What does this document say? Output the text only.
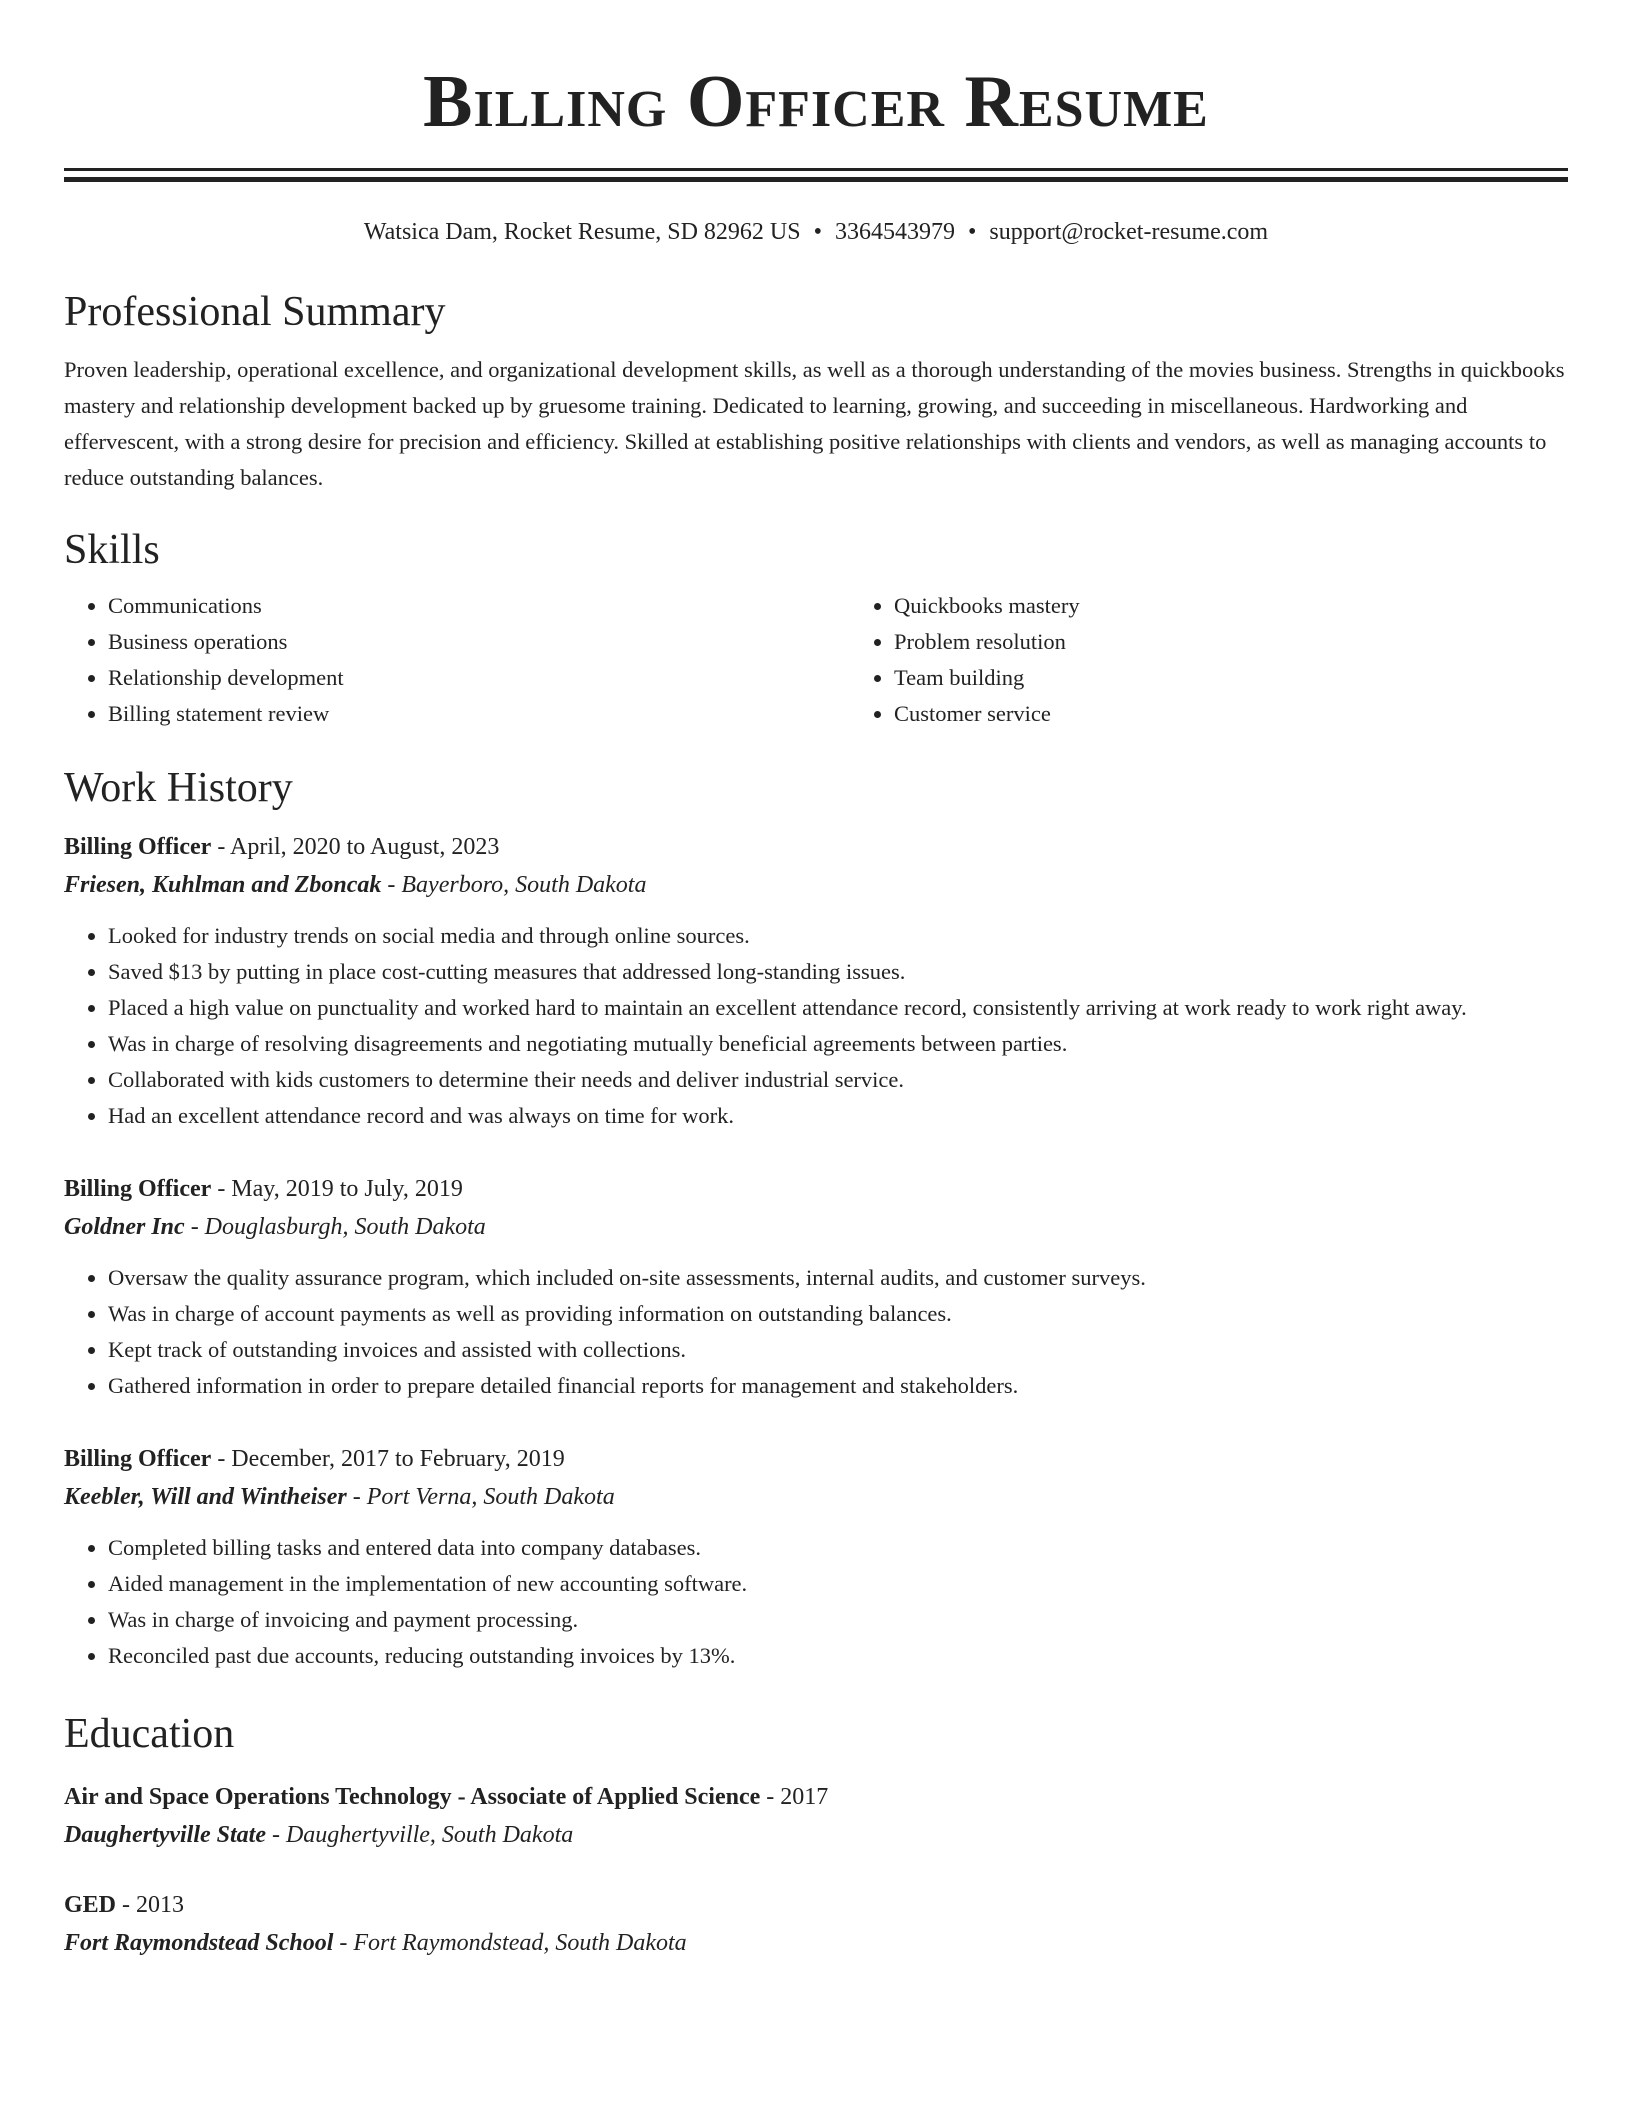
Billing Officer Resume
Watsica Dam, Rocket Resume, SD 82962 US • 3364543979 • support@rocket-resume.com
Professional Summary

Proven leadership, operational excellence, and organizational development skills, as well as a thorough understanding of the movies business. Strengths in quickbooks mastery and relationship development backed up by gruesome training. Dedicated to learning, growing, and succeeding in miscellaneous. Hardworking and effervescent, with a strong desire for precision and efficiency. Skilled at establishing positive relationships with clients and vendors, as well as managing accounts to reduce outstanding balances.

Skills
• Communications
• Business operations
• Relationship development
• Billing statement review
• Quickbooks mastery
• Problem resolution
• Team building
• Customer service
Work History
Billing Officer - April, 2020 to August, 2023
Friesen, Kuhlman and Zboncak - Bayerboro, South Dakota
• Looked for industry trends on social media and through online sources.
• Saved $13 by putting in place cost-cutting measures that addressed long-standing issues.
• Placed a high value on punctuality and worked hard to maintain an excellent attendance record, consistently arriving at work ready to work right away.
• Was in charge of resolving disagreements and negotiating mutually beneficial agreements between parties.
• Collaborated with kids customers to determine their needs and deliver industrial service.
• Had an excellent attendance record and was always on time for work.
Billing Officer - May, 2019 to July, 2019
Goldner Inc - Douglasburgh, South Dakota
• Oversaw the quality assurance program, which included on-site assessments, internal audits, and customer surveys.
• Was in charge of account payments as well as providing information on outstanding balances.
• Kept track of outstanding invoices and assisted with collections.
• Gathered information in order to prepare detailed financial reports for management and stakeholders.
Billing Officer - December, 2017 to February, 2019
Keebler, Will and Wintheiser - Port Verna, South Dakota
• Completed billing tasks and entered data into company databases.
• Aided management in the implementation of new accounting software.
• Was in charge of invoicing and payment processing.
• Reconciled past due accounts, reducing outstanding invoices by 13%.
Education
Air and Space Operations Technology - Associate of Applied Science - 2017
Daughertyville State - Daughertyville, South Dakota
GED - 2013
Fort Raymondstead School - Fort Raymondstead, South Dakota
